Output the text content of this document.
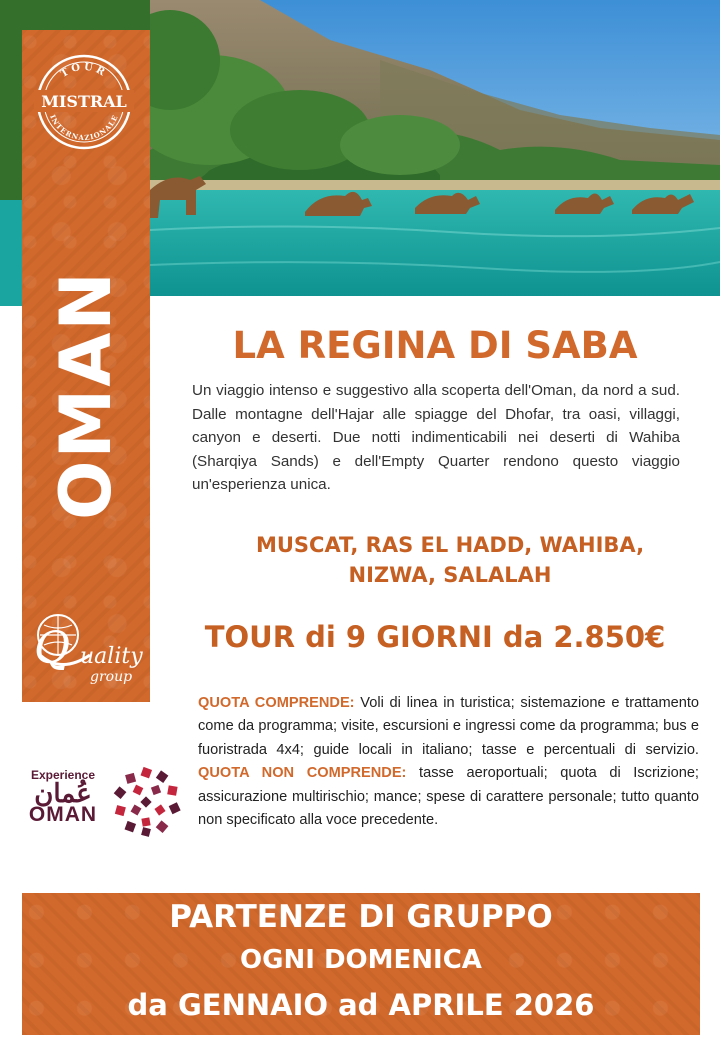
TOUR
MISTRAL
INTERNAZIONALE
OMAN
Q uality
group
LA REGINA DI SABA

Un viaggio intenso e suggestivo alla scoperta dell'Oman, da nord a sud. Dalle montagne dell'Hajar alle spiagge del Dhofar, tra oasi, villaggi, canyon e deserti. Due notti indimenticabili nei deserti di Wahiba (Sharqiya Sands) e dell'Empty Quarter rendono questo viaggio un'esperienza unica.

MUSCAT, RAS EL HADD, WAHIBA,
NIZWA, SALALAH
TOUR di 9 GIORNI da 2.850€

QUOTA COMPRENDE: Voli di linea in turistica; sistemazione e trattamento come da programma; visite, escursioni e ingressi come da programma; bus e fuoristrada 4x4; guide locali in italiano; tasse e percentuali di servizio. QUOTA NON COMPRENDE: tasse aeroportuali; quota di Iscrizione; assicurazione multirischio; mance; spese di carattere personale; tutto quanto non specificato alla voce precedente.

Experience
عُمان
OMAN
PARTENZE DI GRUPPO
OGNI DOMENICA
da GENNAIO ad APRILE 2026
